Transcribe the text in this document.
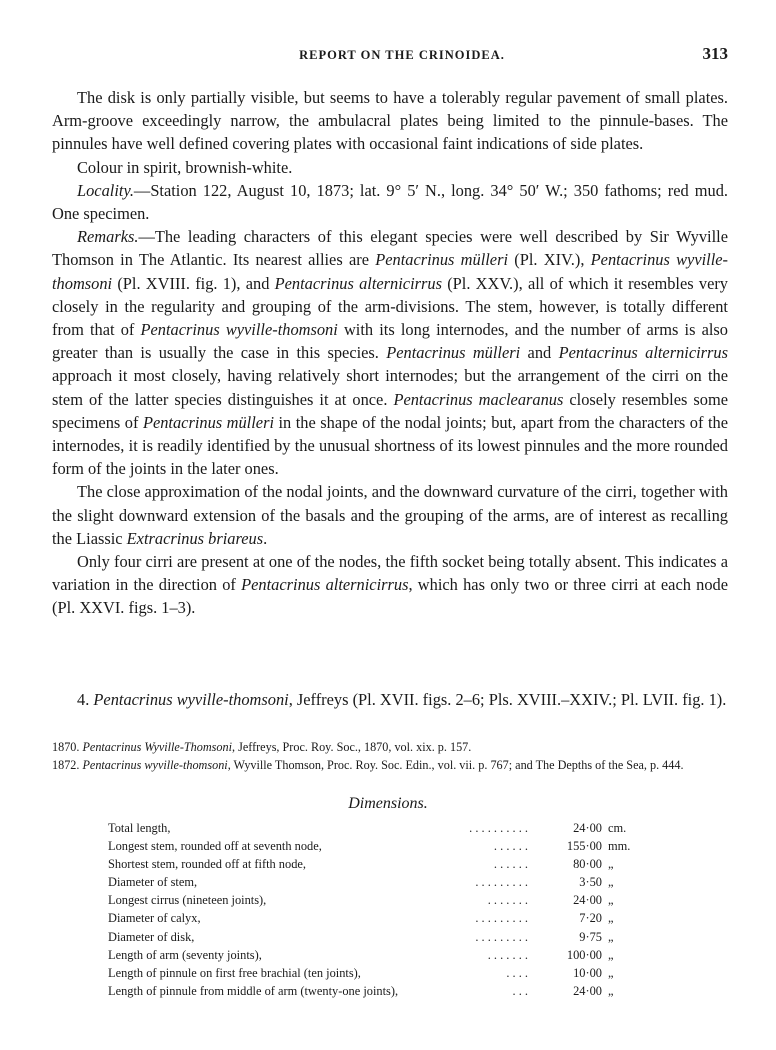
REPORT ON THE CRINOIDEA.	313

The disk is only partially visible, but seems to have a tolerably regular pavement of small plates. Arm-groove exceedingly narrow, the ambulacral plates being limited to the pinnule-bases. The pinnules have well defined covering plates with occasional faint indications of side plates.

Colour in spirit, brownish-white.

Locality.—Station 122, August 10, 1873; lat. 9° 5′ N., long. 34° 50′ W.; 350 fathoms; red mud. One specimen.

Remarks.—The leading characters of this elegant species were well described by Sir Wyville Thomson in The Atlantic. Its nearest allies are Pentacrinus mülleri (Pl. XIV.), Pentacrinus wyville-thomsoni (Pl. XVIII. fig. 1), and Pentacrinus alternicirrus (Pl. XXV.), all of which it resembles very closely in the regularity and grouping of the arm-divisions. The stem, however, is totally different from that of Pentacrinus wyville-thomsoni with its long internodes, and the number of arms is also greater than is usually the case in this species. Pentacrinus mülleri and Pentacrinus alternicirrus approach it most closely, having relatively short internodes; but the arrangement of the cirri on the stem of the latter species distinguishes it at once. Pentacrinus maclearanus closely resembles some specimens of Pentacrinus mülleri in the shape of the nodal joints; but, apart from the characters of the internodes, it is readily identified by the unusual shortness of its lowest pinnules and the more rounded form of the joints in the later ones.

The close approximation of the nodal joints, and the downward curvature of the cirri, together with the slight downward extension of the basals and the grouping of the arms, are of interest as recalling the Liassic Extracrinus briareus.

Only four cirri are present at one of the nodes, the fifth socket being totally absent. This indicates a variation in the direction of Pentacrinus alternicirrus, which has only two or three cirri at each node (Pl. XXVI. figs. 1–3).

4. Pentacrinus wyville-thomsoni, Jeffreys (Pl. XVII. figs. 2–6; Pls. XVIII.–XXIV.; Pl. LVII. fig. 1).

1870. Pentacrinus Wyville-Thomsoni, Jeffreys, Proc. Roy. Soc., 1870, vol. xix. p. 157.

1872. Pentacrinus wyville-thomsoni, Wyville Thomson, Proc. Roy. Soc. Edin., vol. vii. p. 767; and The Depths of the Sea, p. 444.

Dimensions.
Total length,	. . . . . . . . . .	24·00 cm.
Longest stem, rounded off at seventh node,	. . . . . .	155·00 mm.
Shortest stem, rounded off at fifth node,	. . . . . .	80·00 „
Diameter of stem,	. . . . . . . . .	3·50 „
Longest cirrus (nineteen joints),	. . . . . . .	24·00 „
Diameter of calyx,	. . . . . . . . .	7·20 „
Diameter of disk,	. . . . . . . . .	9·75 „
Length of arm (seventy joints),	. . . . . . .	100·00 „
Length of pinnule on first free brachial (ten joints),	. . . .	10·00 „
Length of pinnule from middle of arm (twenty-one joints),	. . .	24·00 „
